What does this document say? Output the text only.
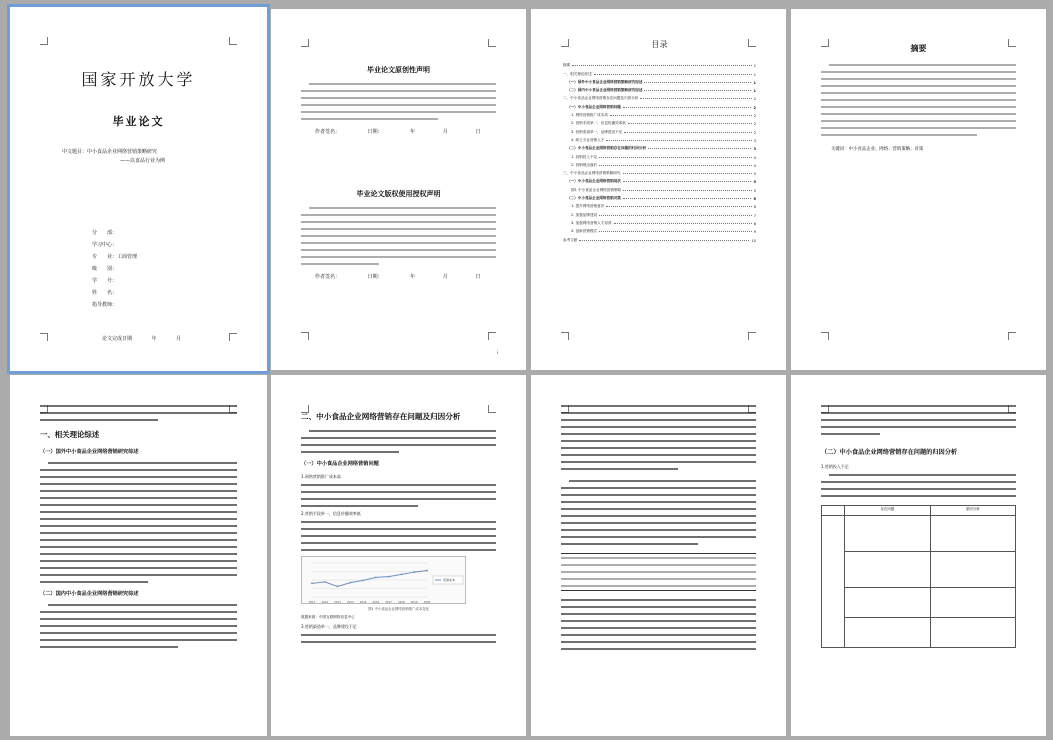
国家开放大学
毕业论文
中文题目：中小食品企业网络营销策略研究
——以食品行业为例
分　　部：
学习中心：
专　　业：工商管理
级　　别：
学　　号：
姓　　名：
指导教师：
论文完成日期 年 月
毕业论文原创性声明
作者签名： 日期： 年 月 日
毕业论文版权使用授权声明
作者签名： 日期： 年 月 日
i
目录
摘要	1
一、相关理论综述	1
（一）国外中小食品企业网络营销策略研究综述	1
（二）国内中小食品企业网络营销策略研究综述	1
二、中小食品企业网络营销存在问题及归因分析	2
（一）中小食品企业网络营销问题	2
1. 网络营销推广成本高	2
2. 营销手段单一，信息传播效率低	2
3. 营销渠道单一，品牌建设不足	2
4. 缺乏专业营销人才	3
（二）中小食品企业网络营销存在问题的归因分析	3
1. 营销投入不足	4
2. 营销理念落后	4
三、中小食品企业网络营销策略研究	5
（一）中小食品企业网络营销现状	5
图1 中小食品企业网络营销策略	5
（二）中小食品企业网络营销对策	6
1. 提升网络营销意识	6
2. 加强品牌建设	7
3. 加强网络营销人才培养	8
4. 创新营销模式	9
参考文献	10
摘要
关键词：中小食品企业；网络；营销策略；对策
一、相关理论综述
（一）国外中小食品企业网络营销研究综述
（二）国内中小食品企业网络营销研究综述
二、中小食品企业网络营销存在问题及归因分析
（一）中小食品企业网络营销问题
1.网络营销推广成本高
2.营销手段单一，信息传播效率低
2011 2012 2013 2014 2015 2016 2017 2018 2019 2020
营销成本
图1 中小食品企业网络营销推广成本变化
数据来源：中国互联网络信息中心
3.营销渠道单一，品牌建设不足
（二）中小食品企业网络营销存在问题的归因分析
1.营销投入不足
	存在问题	原因分析
